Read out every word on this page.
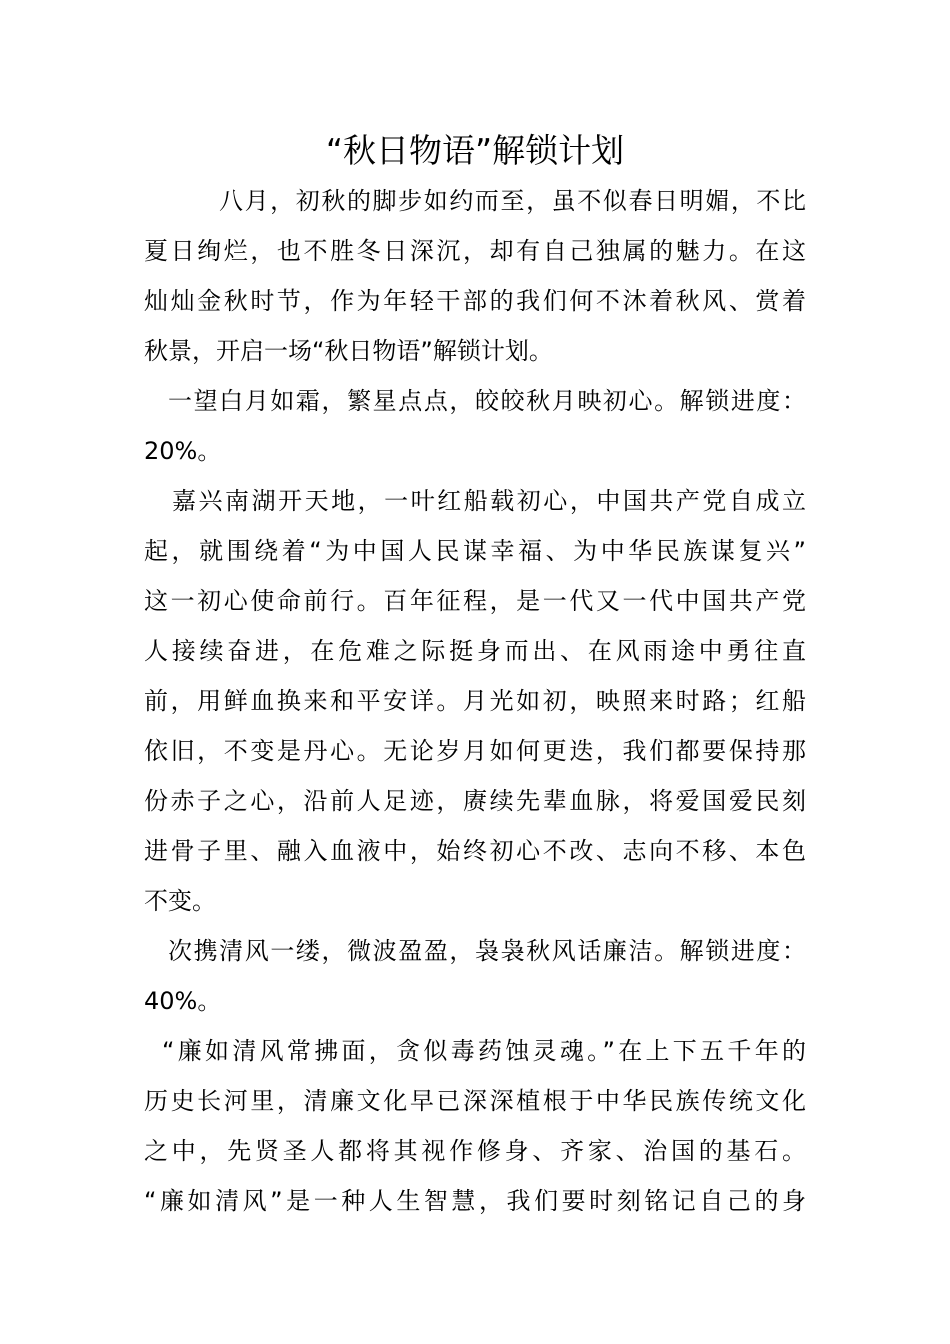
“秋日物语”解锁计划
八月，初秋的脚步如约而至，虽不似春日明媚，不比
夏日绚烂，也不胜冬日深沉，却有自己独属的魅力。在这
灿灿金秋时节，作为年轻干部的我们何不沐着秋风、赏着
秋景，开启一场“秋日物语”解锁计划。
一望白月如霜，繁星点点，皎皎秋月映初心。解锁进度：
20%。
嘉兴南湖开天地，一叶红船载初心，中国共产党自成立
起，就围绕着“为中国人民谋幸福、为中华民族谋复兴”
这一初心使命前行。百年征程，是一代又一代中国共产党
人接续奋进，在危难之际挺身而出、在风雨途中勇往直
前，用鲜血换来和平安详。月光如初，映照来时路；红船
依旧，不变是丹心。无论岁月如何更迭，我们都要保持那
份赤子之心，沿前人足迹，赓续先辈血脉，将爱国爱民刻
进骨子里、融入血液中，始终初心不改、志向不移、本色
不变。
次携清风一缕，微波盈盈，袅袅秋风话廉洁。解锁进度：
40%。
“廉如清风常拂面，贪似毒药蚀灵魂。”在上下五千年的
历史长河里，清廉文化早已深深植根于中华民族传统文化
之中，先贤圣人都将其视作修身、齐家、治国的基石。
“廉如清风”是一种人生智慧，我们要时刻铭记自己的身
